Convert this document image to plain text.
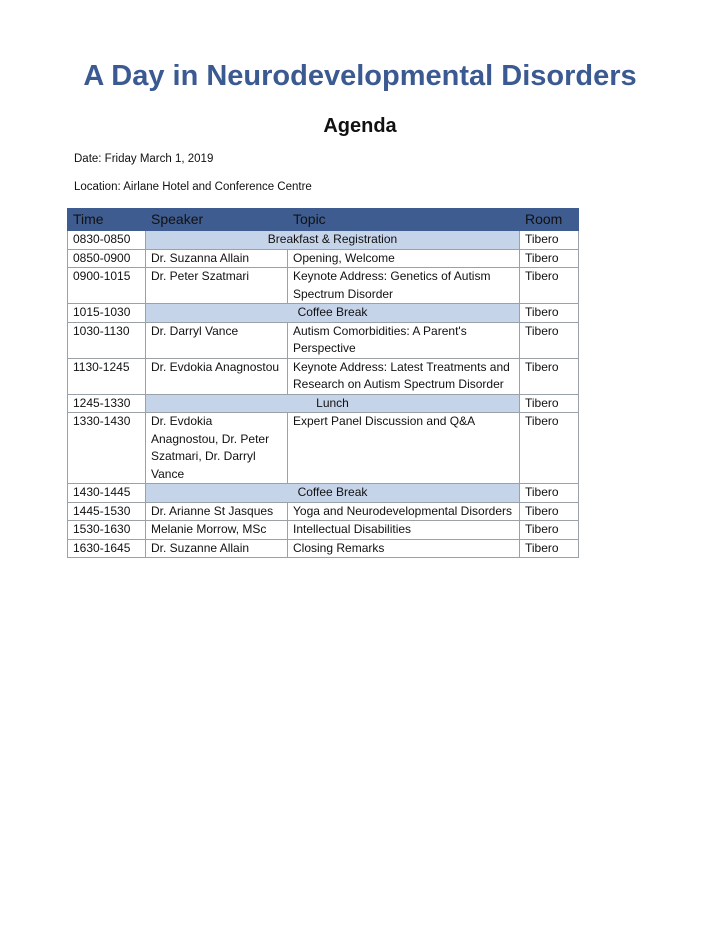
A Day in Neurodevelopmental Disorders
Agenda
Date: Friday March 1, 2019
Location: Airlane Hotel and Conference Centre
Time	Speaker	Topic	Room
0830-0850	Breakfast & Registration		Tibero
0850-0900	Dr. Suzanna Allain	Opening, Welcome	Tibero
0900-1015	Dr. Peter Szatmari	Keynote Address: Genetics of Autism Spectrum Disorder	Tibero
1015-1030	Coffee Break		Tibero
1030-1130	Dr. Darryl Vance	Autism Comorbidities: A Parent's Perspective	Tibero
1130-1245	Dr. Evdokia Anagnostou	Keynote Address: Latest Treatments and Research on Autism Spectrum Disorder	Tibero
1245-1330	Lunch		Tibero
1330-1430	Dr. Evdokia Anagnostou, Dr. Peter Szatmari, Dr. Darryl Vance	Expert Panel Discussion and Q&A	Tibero
1430-1445	Coffee Break		Tibero
1445-1530	Dr. Arianne St Jasques	Yoga and Neurodevelopmental Disorders	Tibero
1530-1630	Melanie Morrow, MSc	Intellectual Disabilities	Tibero
1630-1645	Dr. Suzanne Allain	Closing Remarks	Tibero
